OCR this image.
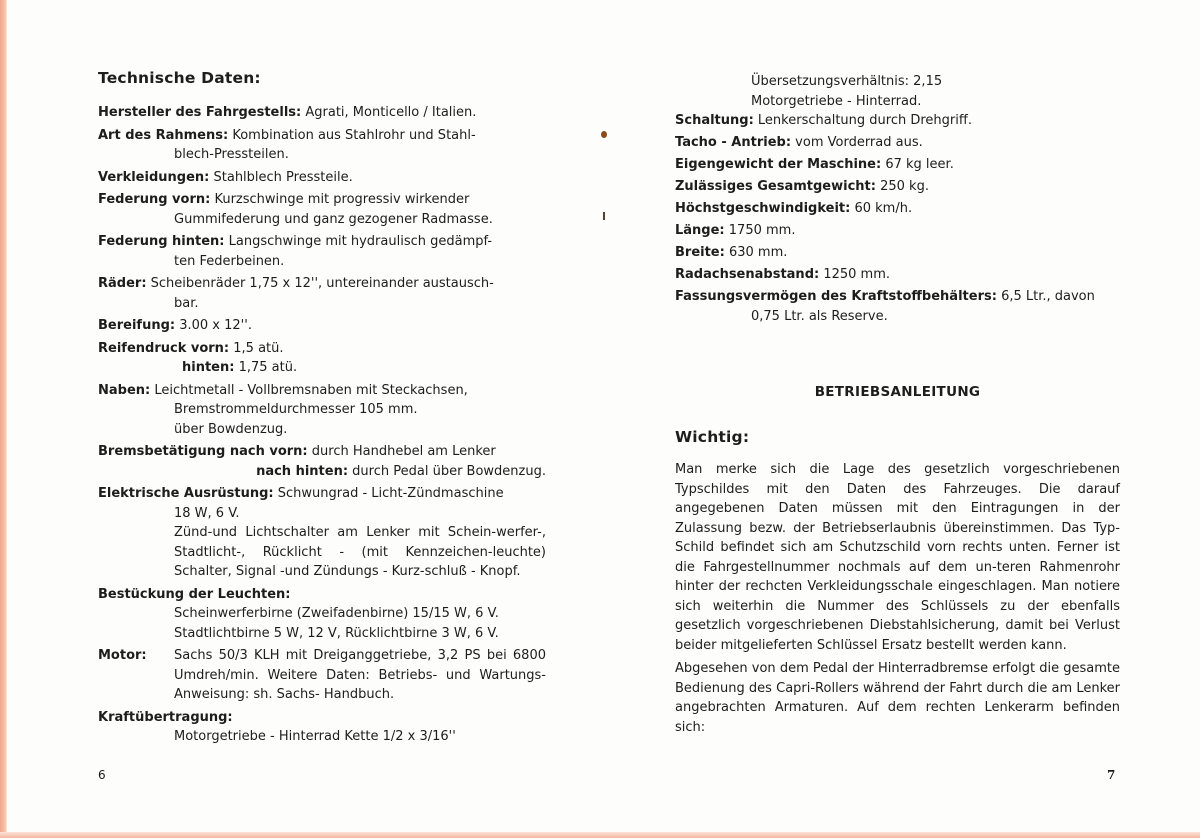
Technische Daten:
Hersteller des Fahrgestells: Agrati, Monticello / Italien.
Art des Rahmens: Kombination aus Stahlrohr und Stahl-
blech-Pressteilen.
Verkleidungen: Stahlblech Pressteile.
Federung vorn: Kurzschwinge mit progressiv wirkender
Gummifederung und ganz gezogener Radmasse.
Federung hinten: Langschwinge mit hydraulisch gedämpf-
ten Federbeinen.
Räder: Scheibenräder 1,75 x 12'', untereinander austausch-
bar.
Bereifung: 3.00 x 12''.
Reifendruck vorn: 1,5 atü.
hinten: 1,75 atü.
Naben: Leichtmetall - Vollbremsnaben mit Steckachsen,
Bremstrommeldurchmesser 105 mm.
über Bowdenzug.
Bremsbetätigung nach vorn: durch Handhebel am Lenker
nach hinten: durch Pedal über Bowdenzug.
Elektrische Ausrüstung: Schwungrad - Licht-Zündmaschine
18 W, 6 V.
Zünd-und Lichtschalter am Lenker mit Schein-werfer-, Stadtlicht-, Rücklicht - (mit Kennzeichen-leuchte) Schalter, Signal -und Zündungs - Kurz-schluß - Knopf.
Bestückung der Leuchten:
Scheinwerferbirne (Zweifadenbirne) 15/15 W, 6 V.
Stadtlichtbirne 5 W, 12 V, Rücklichtbirne 3 W, 6 V.
Motor:	Sachs 50/3 KLH mit Dreiganggetriebe, 3,2 PS bei 6800 Umdreh/min. Weitere Daten: Betriebs- und Wartungs-Anweisung: sh. Sachs- Handbuch.
Kraftübertragung:
Motorgetriebe - Hinterrad Kette 1/2 x 3/16''
6
Übersetzungsverhältnis: 2,15
Motorgetriebe - Hinterrad.
Schaltung: Lenkerschaltung durch Drehgriff.
Tacho - Antrieb: vom Vorderrad aus.
Eigengewicht der Maschine: 67 kg leer.
Zulässiges Gesamtgewicht: 250 kg.
Höchstgeschwindigkeit: 60 km/h.
Länge: 1750 mm.
Breite: 630 mm.
Radachsenabstand: 1250 mm.
Fassungsvermögen des Kraftstoffbehälters: 6,5 Ltr., davon
0,75 Ltr. als Reserve.
BETRIEBSANLEITUNG
Wichtig:

Man merke sich die Lage des gesetzlich vorgeschriebenen Typschildes mit den Daten des Fahrzeuges. Die darauf angegebenen Daten müssen mit den Eintragungen in der Zulassung bezw. der Betriebserlaubnis übereinstimmen. Das Typ-Schild befindet sich am Schutzschild vorn rechts unten. Ferner ist die Fahrgestellnummer nochmals auf dem un-teren Rahmenrohr hinter der rechcten Verkleidungsschale eingeschlagen. Man notiere sich weiterhin die Nummer des Schlüssels zu der ebenfalls gesetzlich vorgeschriebenen Diebstahlsicherung, damit bei Verlust beider mitgelieferten Schlüssel Ersatz bestellt werden kann.

Abgesehen von dem Pedal der Hinterradbremse erfolgt die gesamte Bedienung des Capri-Rollers während der Fahrt durch die am Lenker angebrachten Armaturen. Auf dem rechten Lenkerarm befinden sich:

7
